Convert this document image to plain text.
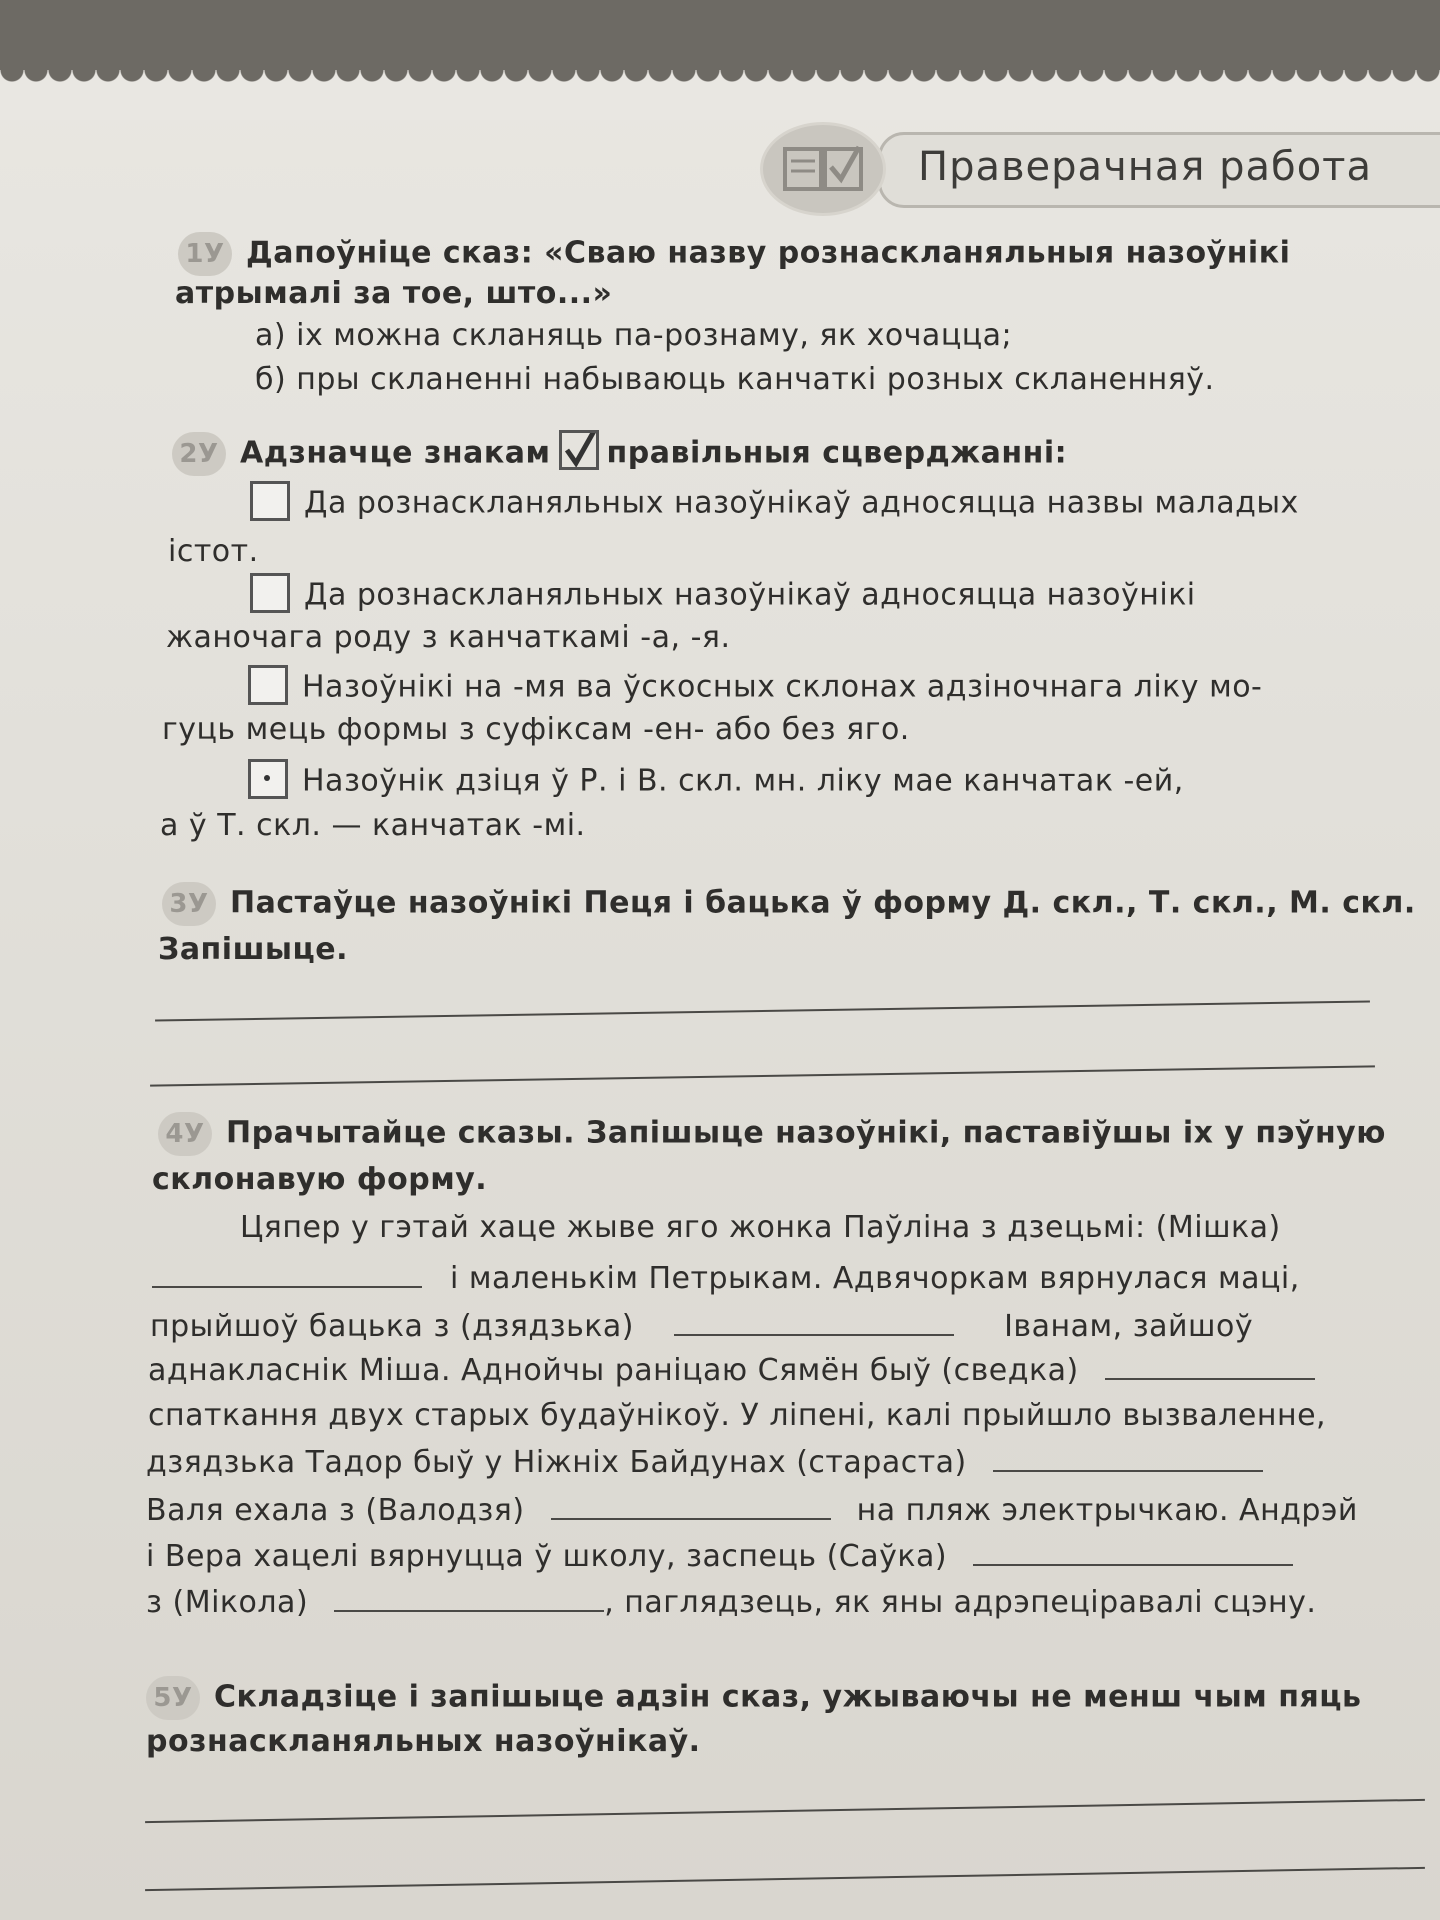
Праверачная работа
1У Дапоўніце сказ: «Сваю назву рознаскланяльныя назоўнікі
атрымалі за тое, што...»
а) іх можна скланяць па-рознаму, як хочацца;
б) пры скланенні набываюць канчаткі розных скланенняў.
2У Адзначце знакам правільныя сцверджанні:
Да рознаскланяльных назоўнікаў адносяцца назвы маладых
істот.
Да рознаскланяльных назоўнікаў адносяцца назоўнікі
жаночага роду з канчаткамі -а, -я.
Назоўнікі на -мя ва ўскосных склонах адзіночнага ліку мо-
гуць мець формы з суфіксам -ен- або без яго.
Назоўнік дзіця ў Р. і В. скл. мн. ліку мае канчатак -ей,
а ў Т. скл. — канчатак -мі.
3У Пастаўце назоўнікі Пеця і бацька ў форму Д. скл., Т. скл., М. скл.
Запішыце.
4У Прачытайце сказы. Запішыце назоўнікі, паставіўшы іх у пэўную
склонавую форму.
Цяпер у гэтай хаце жыве яго жонка Паўліна з дзецьмі: (Мішка)
і маленькім Петрыкам. Адвячоркам вярнулася маці,
прыйшоў бацька з (дзядзька)	Іванам, зайшоў
аднакласнік Міша. Аднойчы раніцаю Сямён быў (сведка)
спаткання двух старых будаўнікоў. У ліпені, калі прыйшло вызваленне,
дзядзька Тадор быў у Ніжніх Байдунах (стараста)
Валя ехала з (Валодзя)	на пляж электрычкаю. Андрэй
і Вера хацелі вярнуцца ў школу, заспець (Саўка)
з (Мікола)	, паглядзець, як яны адрэпеціравалі сцэну.
5У Складзіце і запішыце адзін сказ, ужываючы не менш чым пяць
рознаскланяльных назоўнікаў.
